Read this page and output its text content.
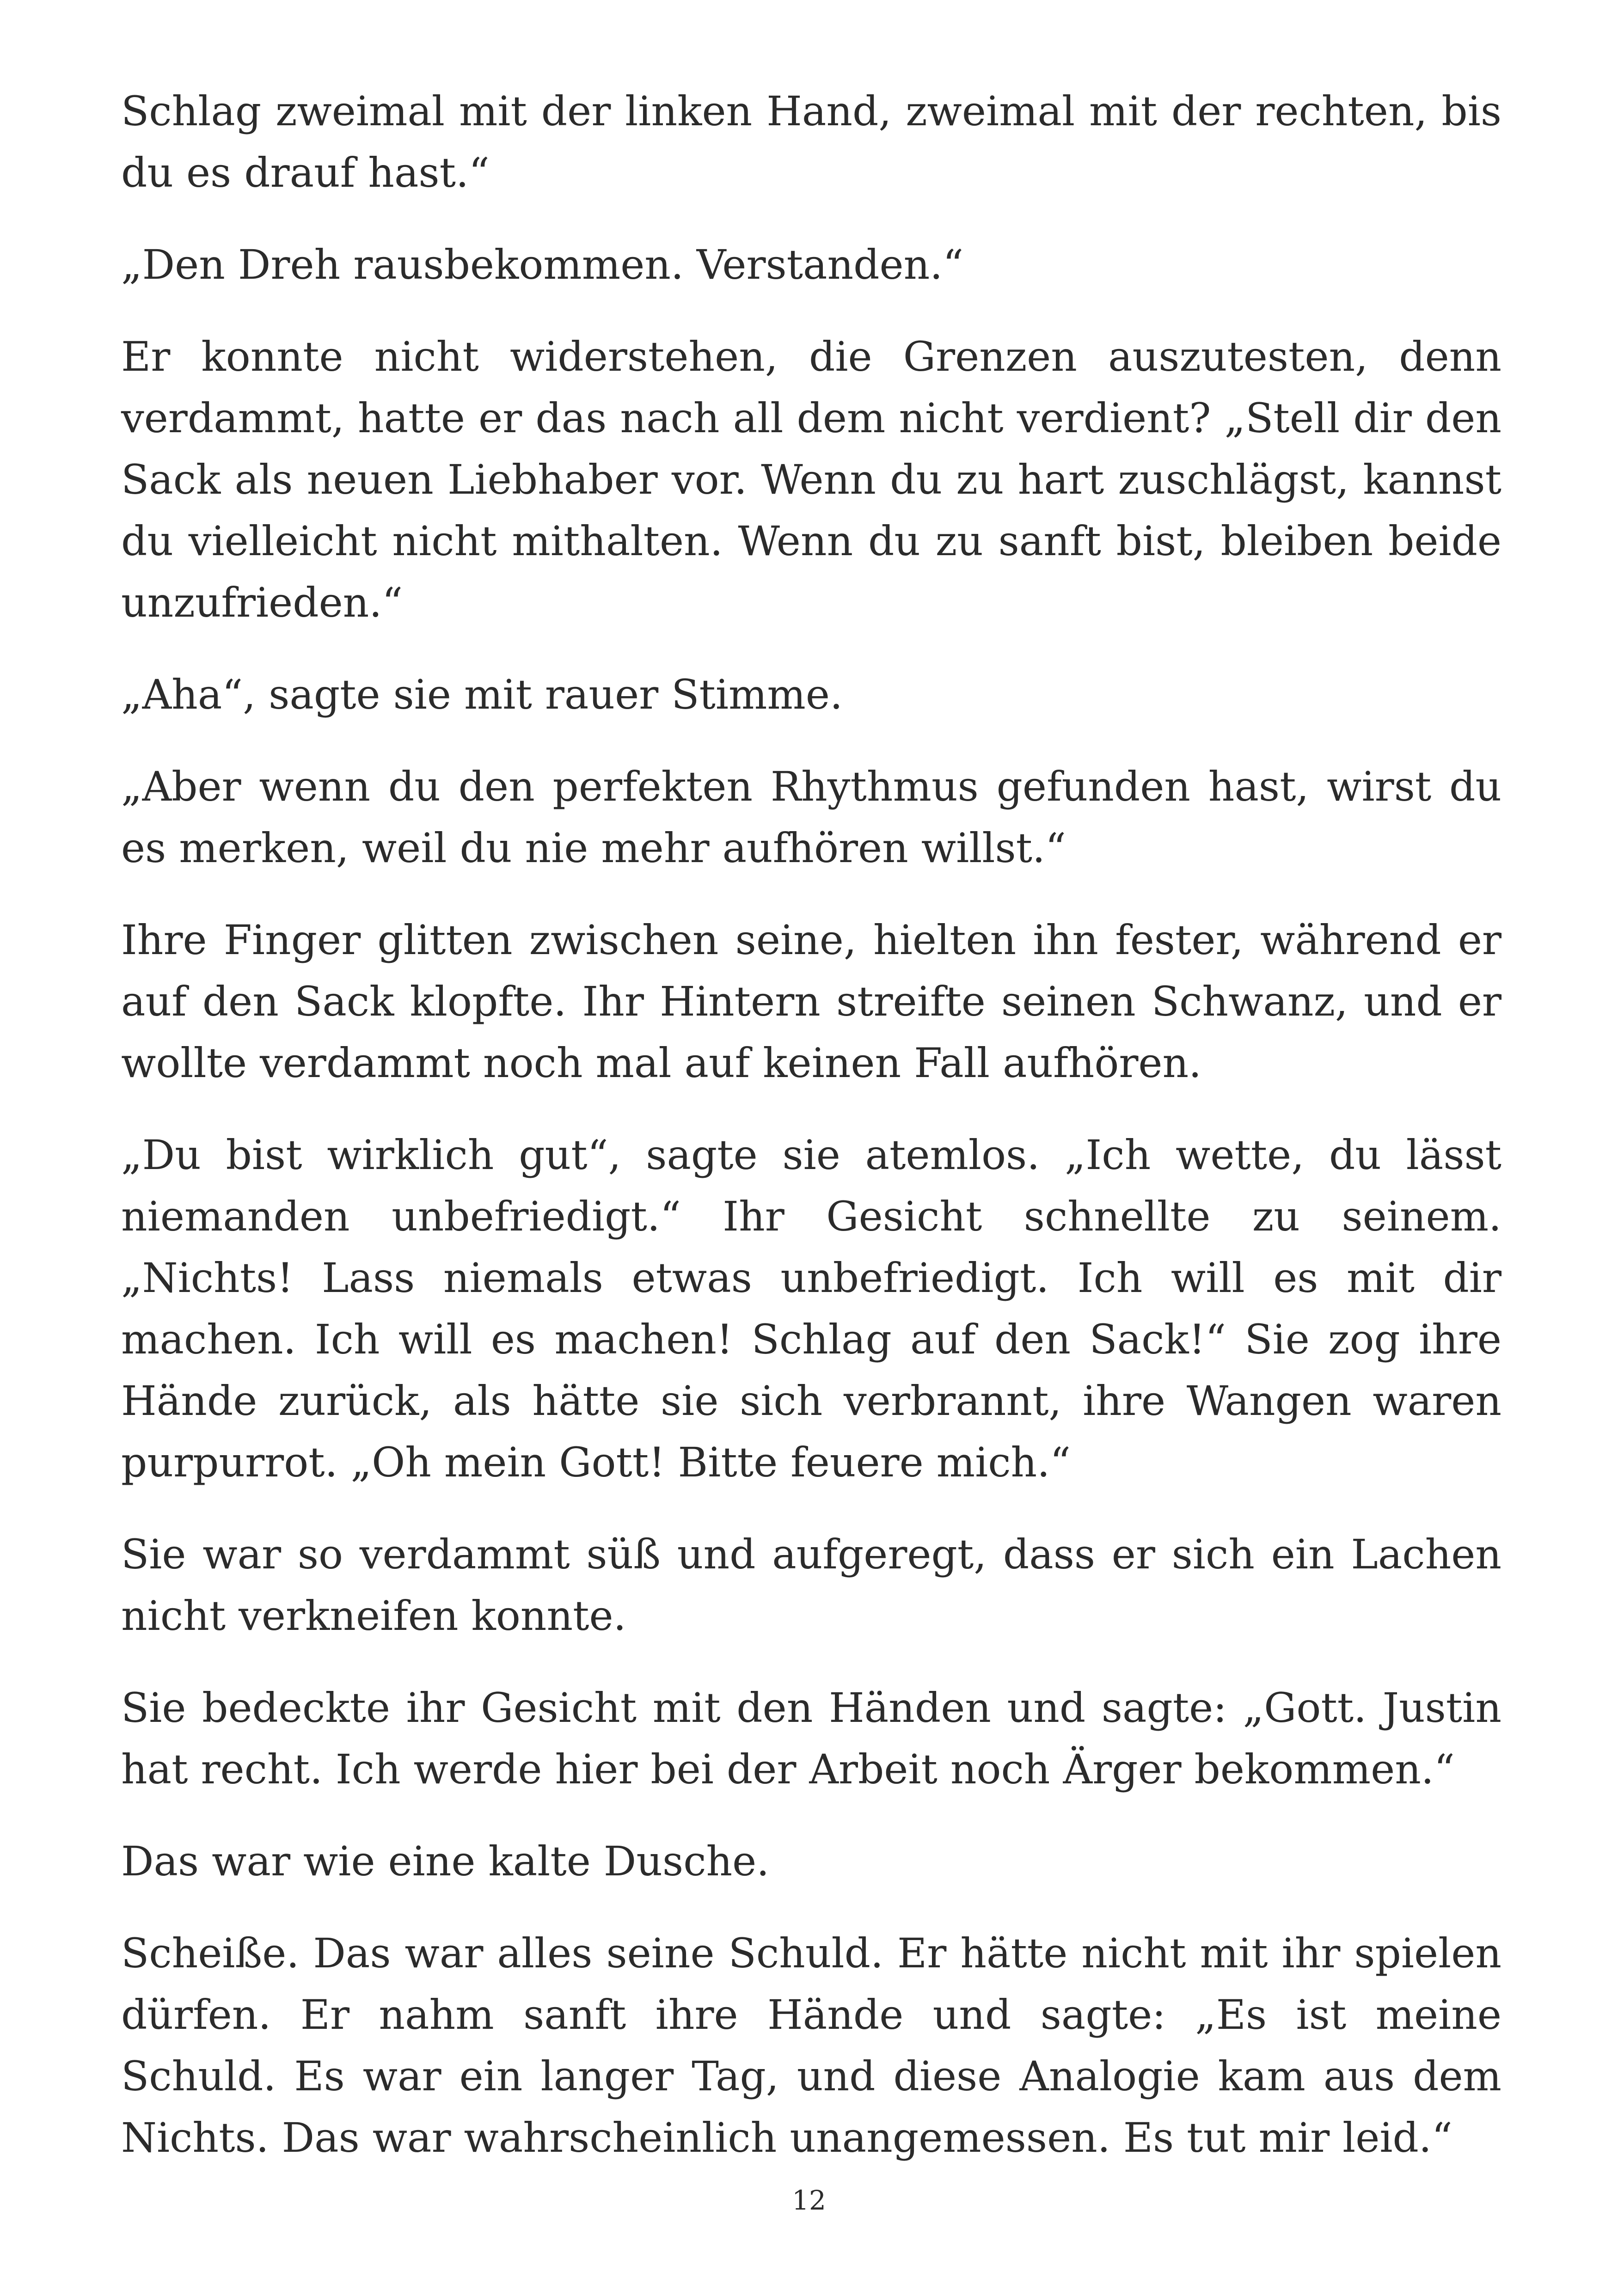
Schlag zweimal mit der linken Hand, zweimal mit der rechten, bis du es drauf hast.“

„Den Dreh rausbekommen. Verstanden.“

Er konnte nicht widerstehen, die Grenzen auszutesten, denn verdammt, hatte er das nach all dem nicht verdient? „Stell dir den Sack als neuen Liebhaber vor. Wenn du zu hart zuschlägst, kannst du vielleicht nicht mithalten. Wenn du zu sanft bist, bleiben beide unzufrieden.“

„Aha“, sagte sie mit rauer Stimme.

„Aber wenn du den perfekten Rhythmus gefunden hast, wirst du es merken, weil du nie mehr aufhören willst.“

Ihre Finger glitten zwischen seine, hielten ihn fester, während er auf den Sack klopfte. Ihr Hintern streifte seinen Schwanz, und er wollte verdammt noch mal auf keinen Fall aufhören.

„Du bist wirklich gut“, sagte sie atemlos. „Ich wette, du lässt niemanden unbefriedigt.“ Ihr Gesicht schnellte zu seinem. „Nichts! Lass niemals etwas unbefriedigt. Ich will es mit dir machen. Ich will es machen! Schlag auf den Sack!“ Sie zog ihre Hände zurück, als hätte sie sich verbrannt, ihre Wangen waren purpurrot. „Oh mein Gott! Bitte feuere mich.“

Sie war so verdammt süß und aufgeregt, dass er sich ein Lachen nicht verkneifen konnte.

Sie bedeckte ihr Gesicht mit den Händen und sagte: „Gott. Justin hat recht. Ich werde hier bei der Arbeit noch Ärger bekommen.“

Das war wie eine kalte Dusche.

Scheiße. Das war alles seine Schuld. Er hätte nicht mit ihr spielen dürfen. Er nahm sanft ihre Hände und sagte: „Es ist meine Schuld. Es war ein langer Tag, und diese Analogie kam aus dem Nichts. Das war wahrscheinlich unangemessen. Es tut mir leid.“

12
